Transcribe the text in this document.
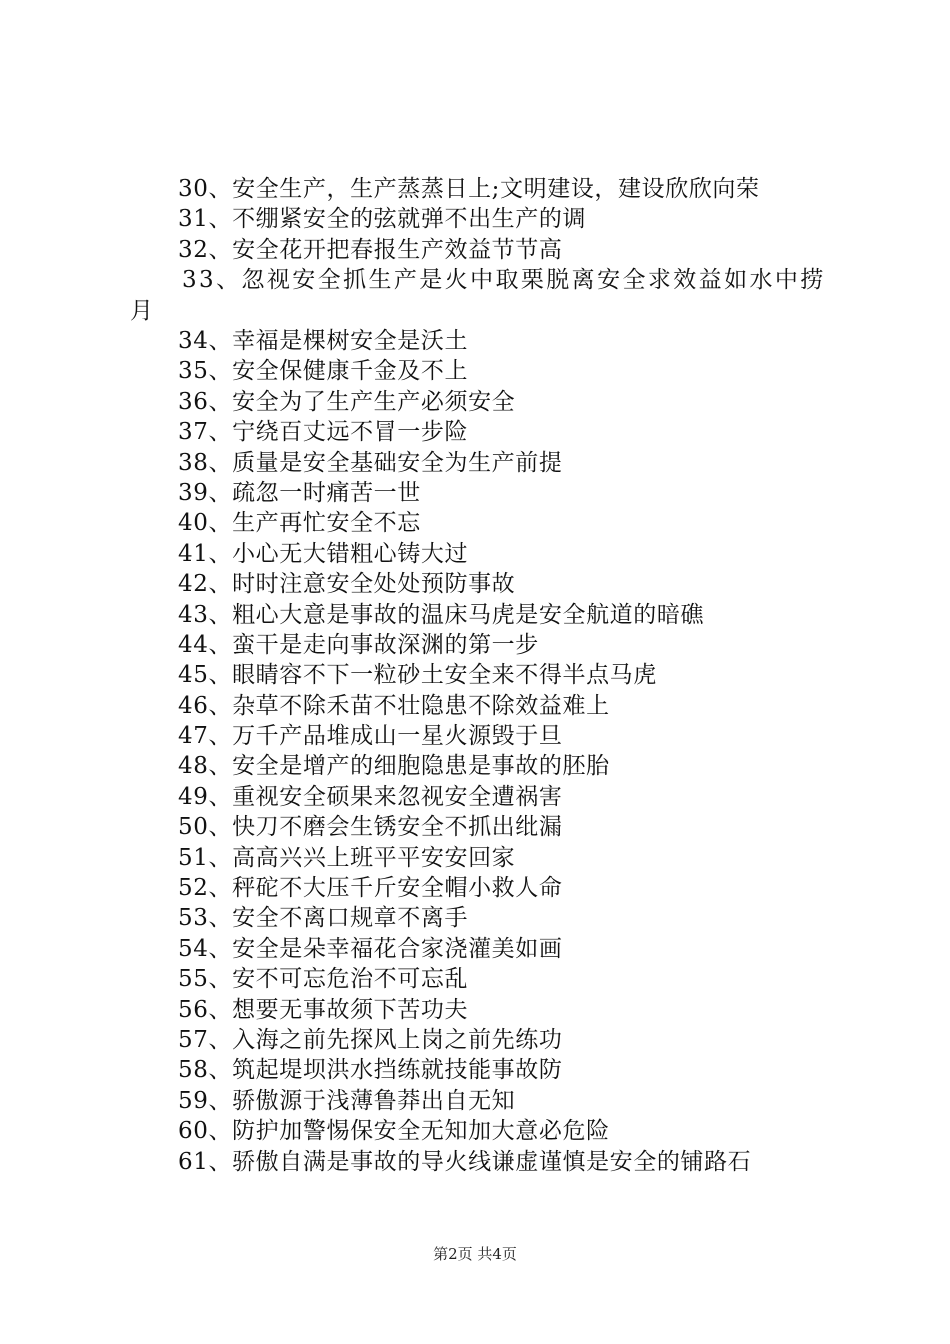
30、安全生产，生产蒸蒸日上;文明建设，建设欣欣向荣
31、不绷紧安全的弦就弹不出生产的调
32、安全花开把春报生产效益节节高
33、忽视安全抓生产是火中取栗脱离安全求效益如水中捞月
34、幸福是棵树安全是沃土
35、安全保健康千金及不上
36、安全为了生产生产必须安全
37、宁绕百丈远不冒一步险
38、质量是安全基础安全为生产前提
39、疏忽一时痛苦一世
40、生产再忙安全不忘
41、小心无大错粗心铸大过
42、时时注意安全处处预防事故
43、粗心大意是事故的温床马虎是安全航道的暗礁
44、蛮干是走向事故深渊的第一步
45、眼睛容不下一粒砂土安全来不得半点马虎
46、杂草不除禾苗不壮隐患不除效益难上
47、万千产品堆成山一星火源毁于旦
48、安全是增产的细胞隐患是事故的胚胎
49、重视安全硕果来忽视安全遭祸害
50、快刀不磨会生锈安全不抓出纰漏
51、高高兴兴上班平平安安回家
52、秤砣不大压千斤安全帽小救人命
53、安全不离口规章不离手
54、安全是朵幸福花合家浇灌美如画
55、安不可忘危治不可忘乱
56、想要无事故须下苦功夫
57、入海之前先探风上岗之前先练功
58、筑起堤坝洪水挡练就技能事故防
59、骄傲源于浅薄鲁莽出自无知
60、防护加警惕保安全无知加大意必危险
61、骄傲自满是事故的导火线谦虚谨慎是安全的铺路石
第2页 共4页
